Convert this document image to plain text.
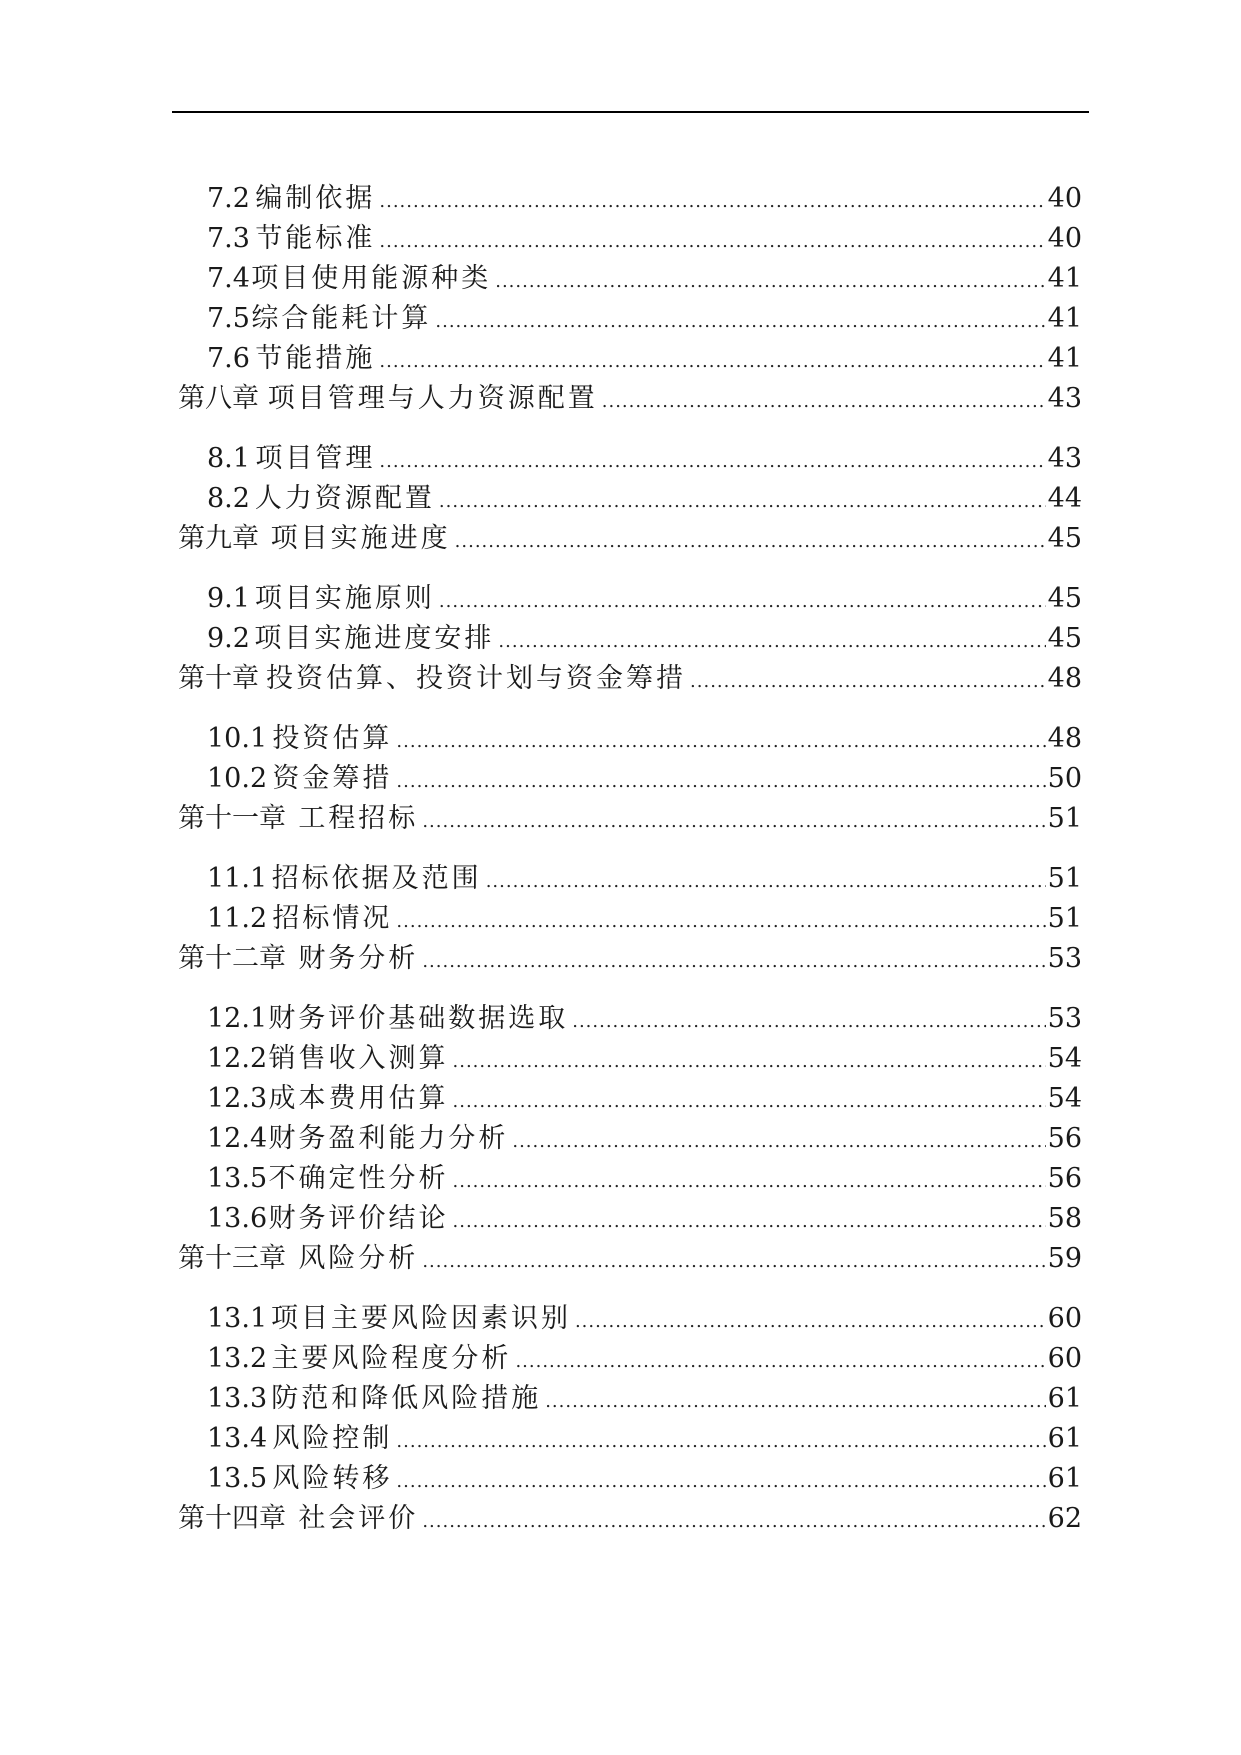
7.2 编制依据 .....	40
7.3 节能标准 .....	40
7.4 项目使用能源种类 .....	41
7.5 综合能耗计算 .....	41
7.6 节能措施 .....	41
第八章 项目管理与人力资源配置 .....	43
8.1 项目管理 .....	43
8.2 人力资源配置 .....	44
第九章 项目实施进度 .....	45
9.1 项目实施原则 .....	45
9.2 项目实施进度安排 .....	45
第十章 投资估算、投资计划与资金筹措 .....	48
10.1 投资估算 .....	48
10.2 资金筹措 .....	50
第十一章 工程招标 .....	51
11.1 招标依据及范围 .....	51
11.2 招标情况 .....	51
第十二章 财务分析 .....	53
12.1 财务评价基础数据选取 .....	53
12.2 销售收入测算 .....	54
12.3 成本费用估算 .....	54
12.4 财务盈利能力分析 .....	56
13.5 不确定性分析 .....	56
13.6 财务评价结论 .....	58
第十三章 风险分析 .....	59
13.1 项目主要风险因素识别 .....	60
13.2 主要风险程度分析 .....	60
13.3 防范和降低风险措施 .....	61
13.4 风险控制 .....	61
13.5 风险转移 .....	61
第十四章 社会评价 .....	62
